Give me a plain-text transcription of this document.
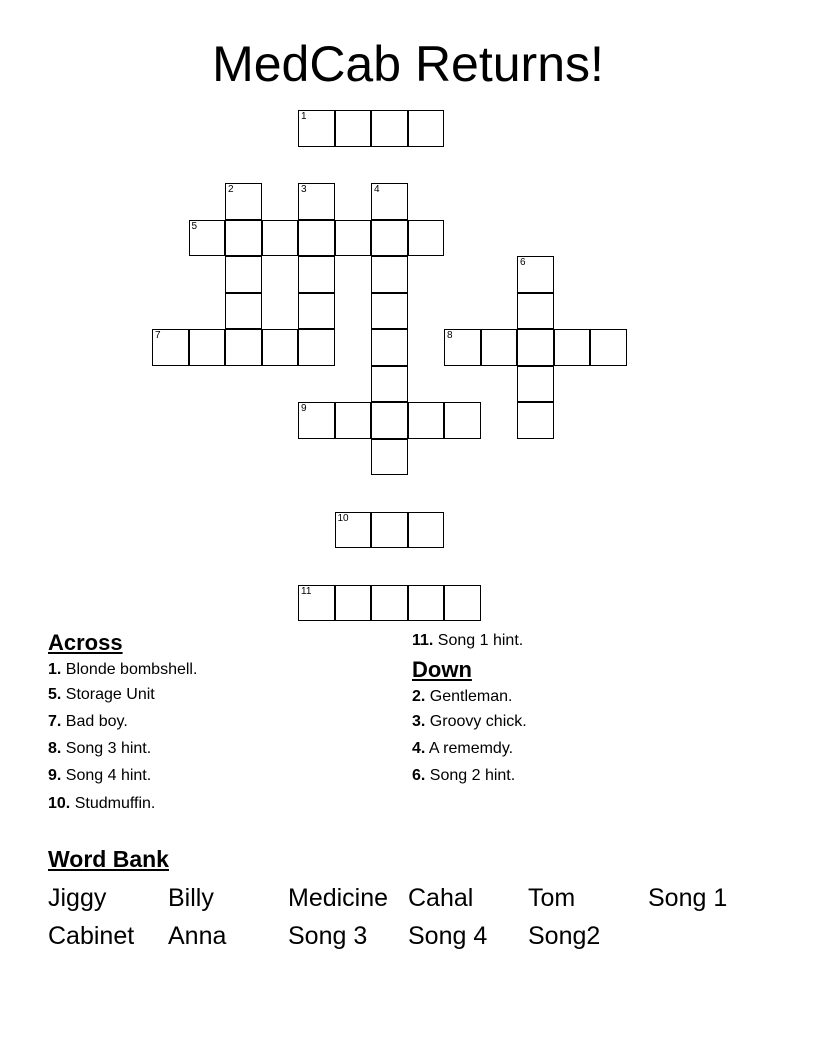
MedCab Returns!
1
5
7	8
9
10
11
2	3	4
6
Across
1. Blonde bombshell.
5. Storage Unit
7. Bad boy.
8. Song 3 hint.
9. Song 4 hint.
10. Studmuffin.
11. Song 1 hint.
Down
2. Gentleman.
3. Groovy chick.
4. A rememdy.
6. Song 2 hint.
Word Bank
Jiggy Billy	Medicine Cahal Tom	Song 1
Cabinet Anna Song 3 Song 4 Song2
